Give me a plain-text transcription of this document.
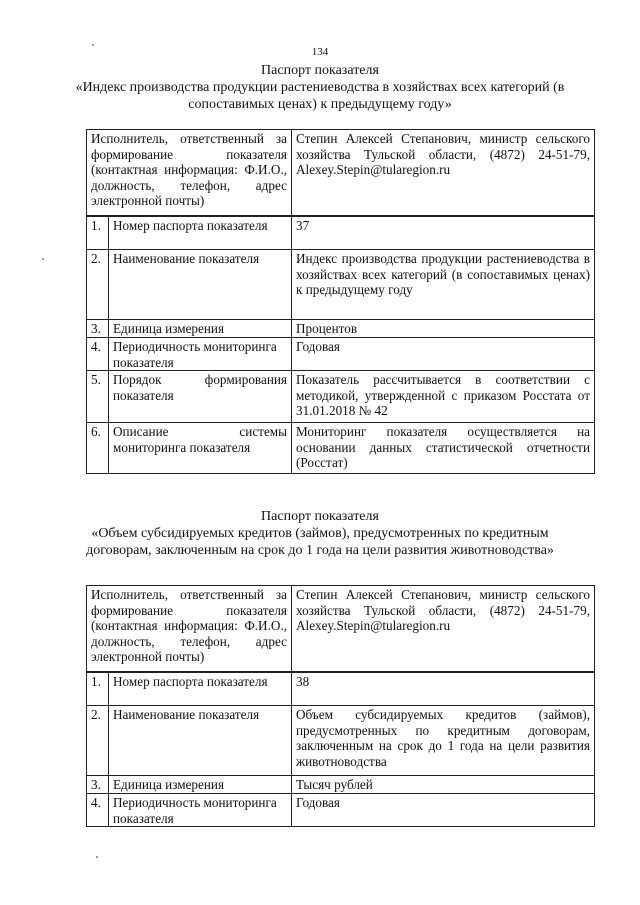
134
Паспорт показателя
«Индекс производства продукции растениеводства в хозяйствах всех категорий (в сопоставимых ценах) к предыдущему году»
Исполнитель, ответственный за формирование показателя (контактная информация: Ф.И.О., должность, телефон, адрес электронной почты)	Степин Алексей Степанович, министр сельского хозяйства Тульской области, (4872) 24-51-79, Alexey.Stepin@tularegion.ru
1.	Номер паспорта показателя	37
2.	Наименование показателя	Индекс производства продукции растениеводства в хозяйствах всех категорий (в сопоставимых ценах) к предыдущему году
3.	Единица измерения	Процентов
4.	Периодичность мониторинга показателя	Годовая
5.	Порядок формирования показателя	Показатель рассчитывается в соответствии с методикой, утвержденной с приказом Росстата от 31.01.2018 № 42
6.	Описание системы мониторинга показателя	Мониторинг показателя осуществляется на основании данных статистической отчетности (Росстат)
Паспорт показателя
«Объем субсидируемых кредитов (займов), предусмотренных по кредитным договорам, заключенным на срок до 1 года на цели развития животноводства»
Исполнитель, ответственный за формирование показателя (контактная информация: Ф.И.О., должность, телефон, адрес электронной почты)	Степин Алексей Степанович, министр сельского хозяйства Тульской области, (4872) 24-51-79, Alexey.Stepin@tularegion.ru
1.	Номер паспорта показателя	38
2.	Наименование показателя	Объем субсидируемых кредитов (займов), предусмотренных по кредитным договорам, заключенным на срок до 1 года на цели развития животноводства
3.	Единица измерения	Тысяч рублей
4.	Периодичность мониторинга показателя	Годовая
